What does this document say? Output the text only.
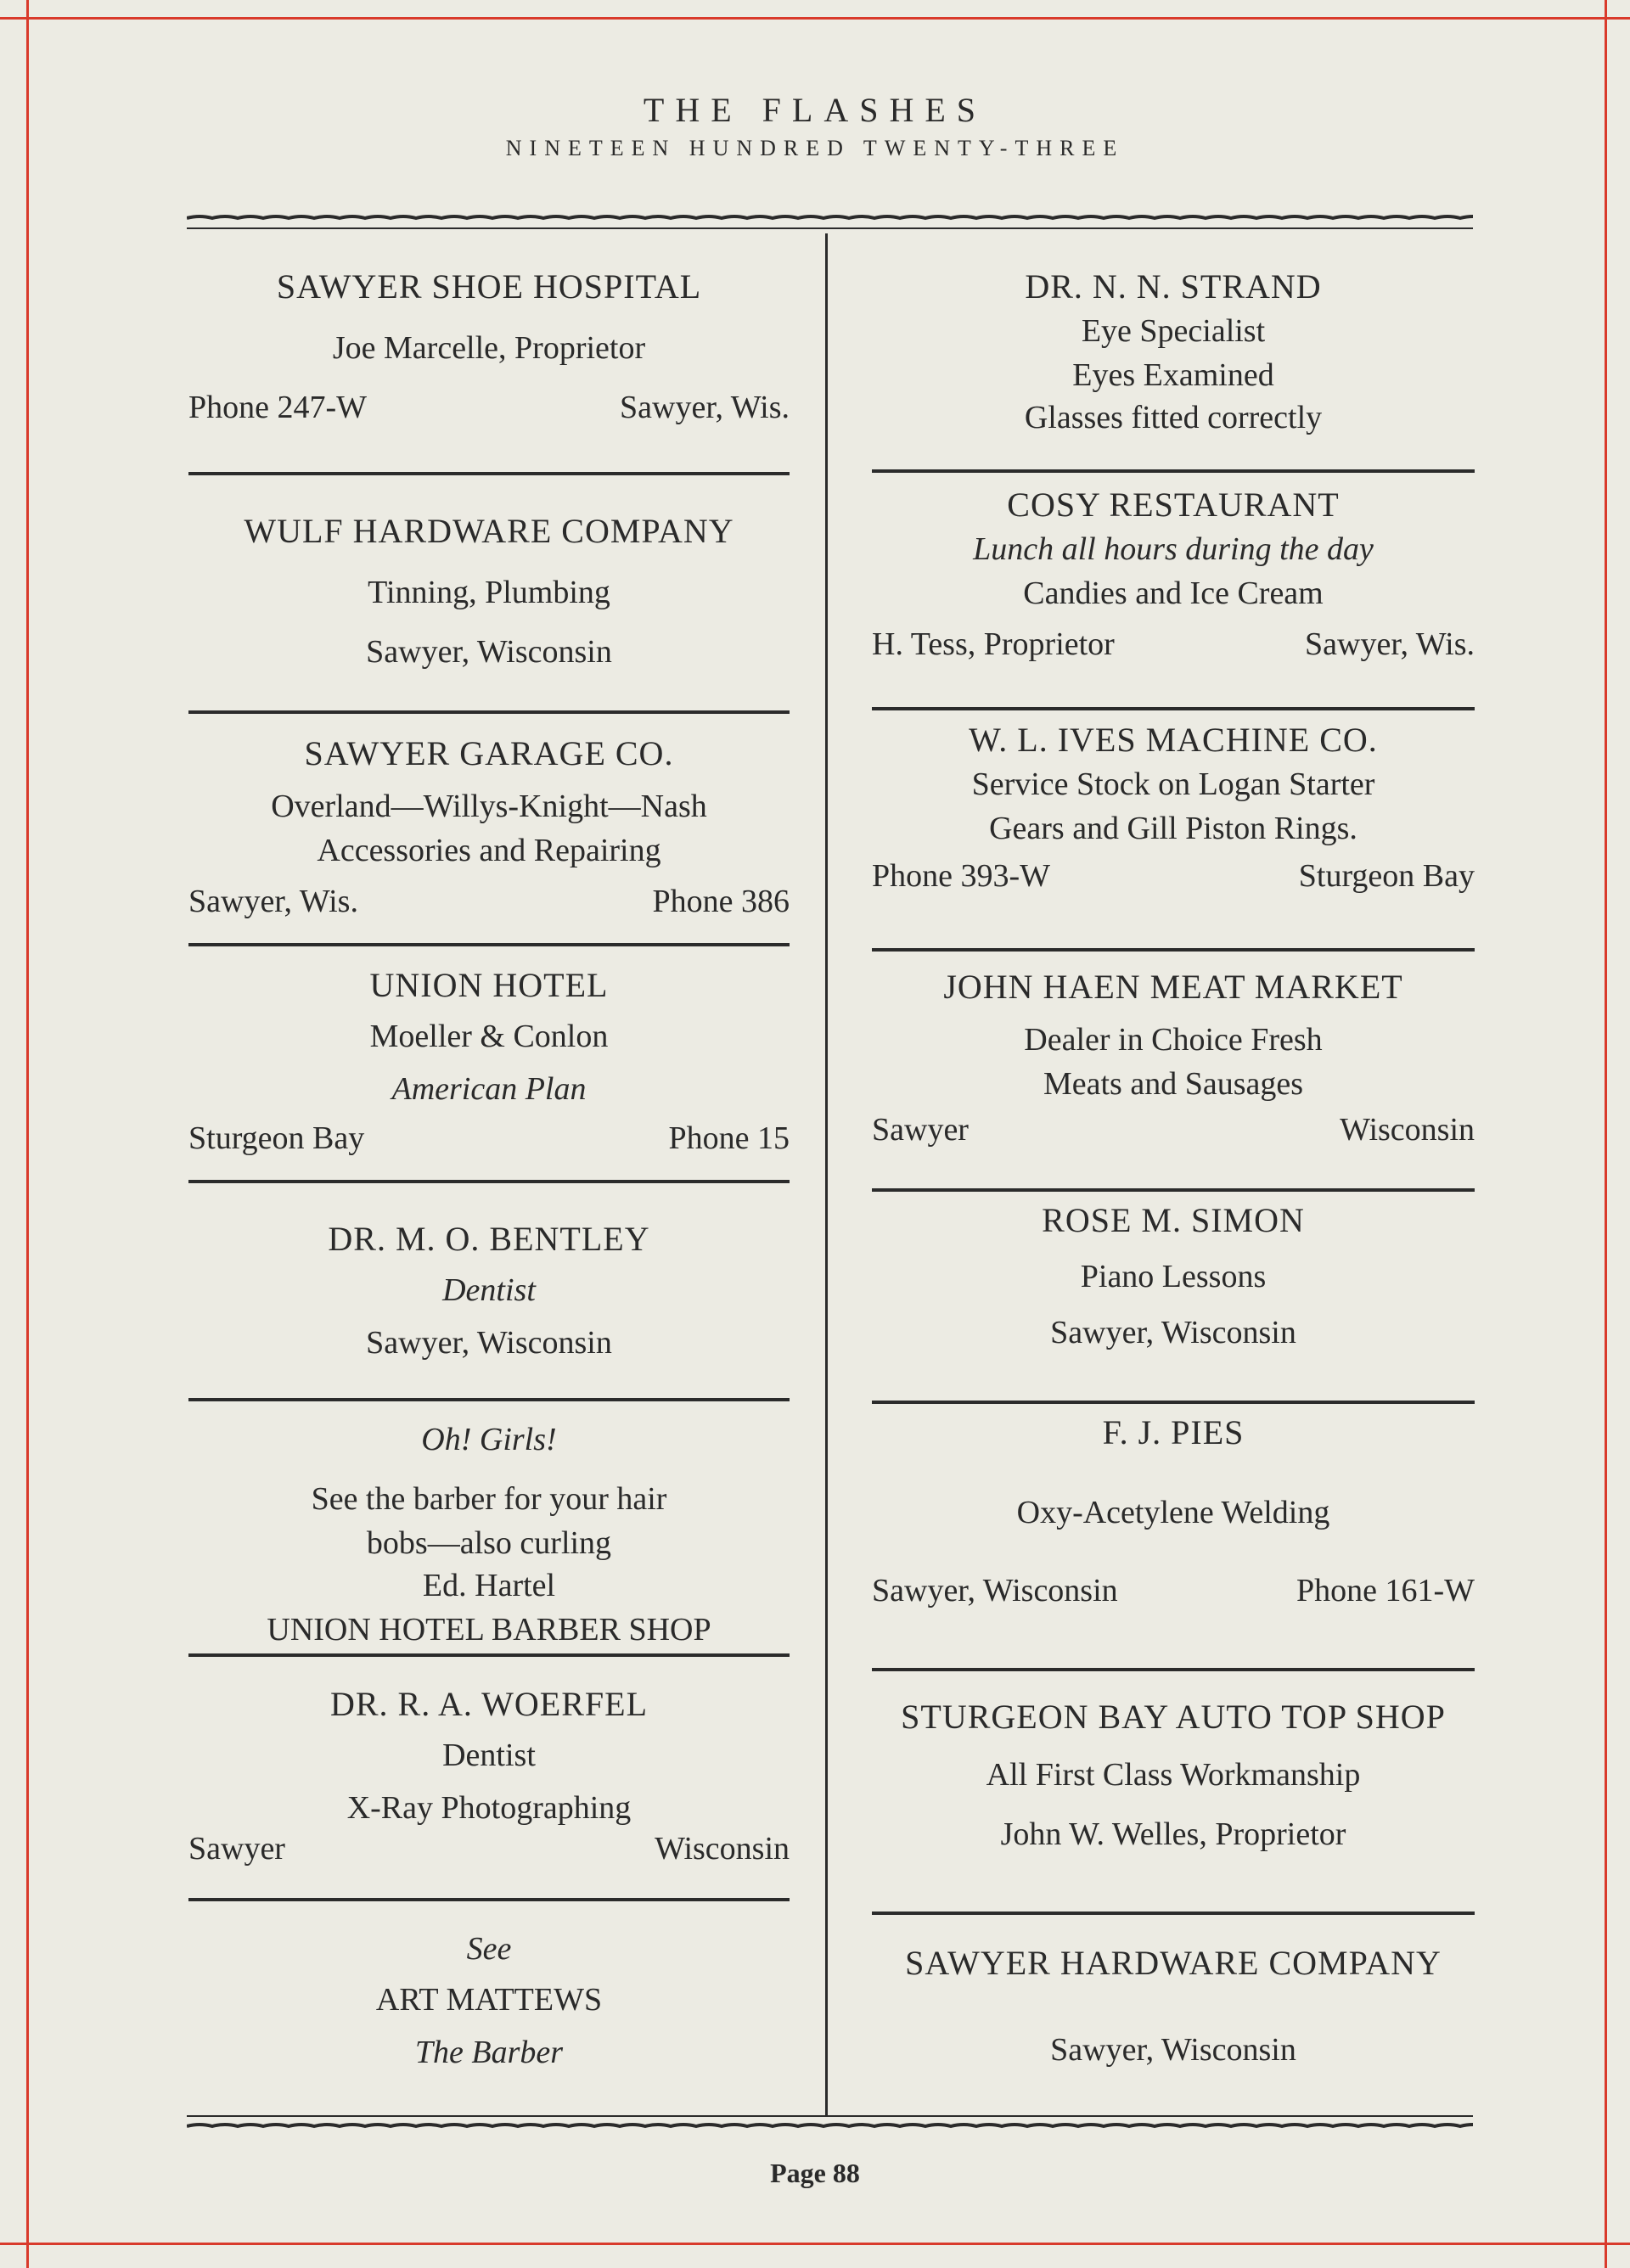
THE FLASHES
NINETEEN HUNDRED TWENTY-THREE
SAWYER SHOE HOSPITAL
Joe Marcelle, Proprietor
Phone 247-W	Sawyer, Wis.
WULF HARDWARE COMPANY
Tinning, Plumbing
Sawyer, Wisconsin
SAWYER GARAGE CO.
Overland—Willys-Knight—Nash
Accessories and Repairing
Sawyer, Wis.	Phone 386
UNION HOTEL
Moeller & Conlon
American Plan
Sturgeon Bay	Phone 15
DR. M. O. BENTLEY
Dentist
Sawyer, Wisconsin
Oh! Girls!
See the barber for your hair
bobs—also curling
Ed. Hartel
UNION HOTEL BARBER SHOP
DR. R. A. WOERFEL
Dentist
X-Ray Photographing
Sawyer	Wisconsin
See
ART MATTEWS
The Barber
DR. N. N. STRAND
Eye Specialist
Eyes Examined
Glasses fitted correctly
COSY RESTAURANT
Lunch all hours during the day
Candies and Ice Cream
H. Tess, Proprietor	Sawyer, Wis.
W. L. IVES MACHINE CO.
Service Stock on Logan Starter
Gears and Gill Piston Rings.
Phone 393-W	Sturgeon Bay
JOHN HAEN MEAT MARKET
Dealer in Choice Fresh
Meats and Sausages
Sawyer	Wisconsin
ROSE M. SIMON
Piano Lessons
Sawyer, Wisconsin
F. J. PIES
Oxy-Acetylene Welding
Sawyer, Wisconsin	Phone 161-W
STURGEON BAY AUTO TOP SHOP
All First Class Workmanship
John W. Welles, Proprietor
SAWYER HARDWARE COMPANY
Sawyer, Wisconsin
Page 88
